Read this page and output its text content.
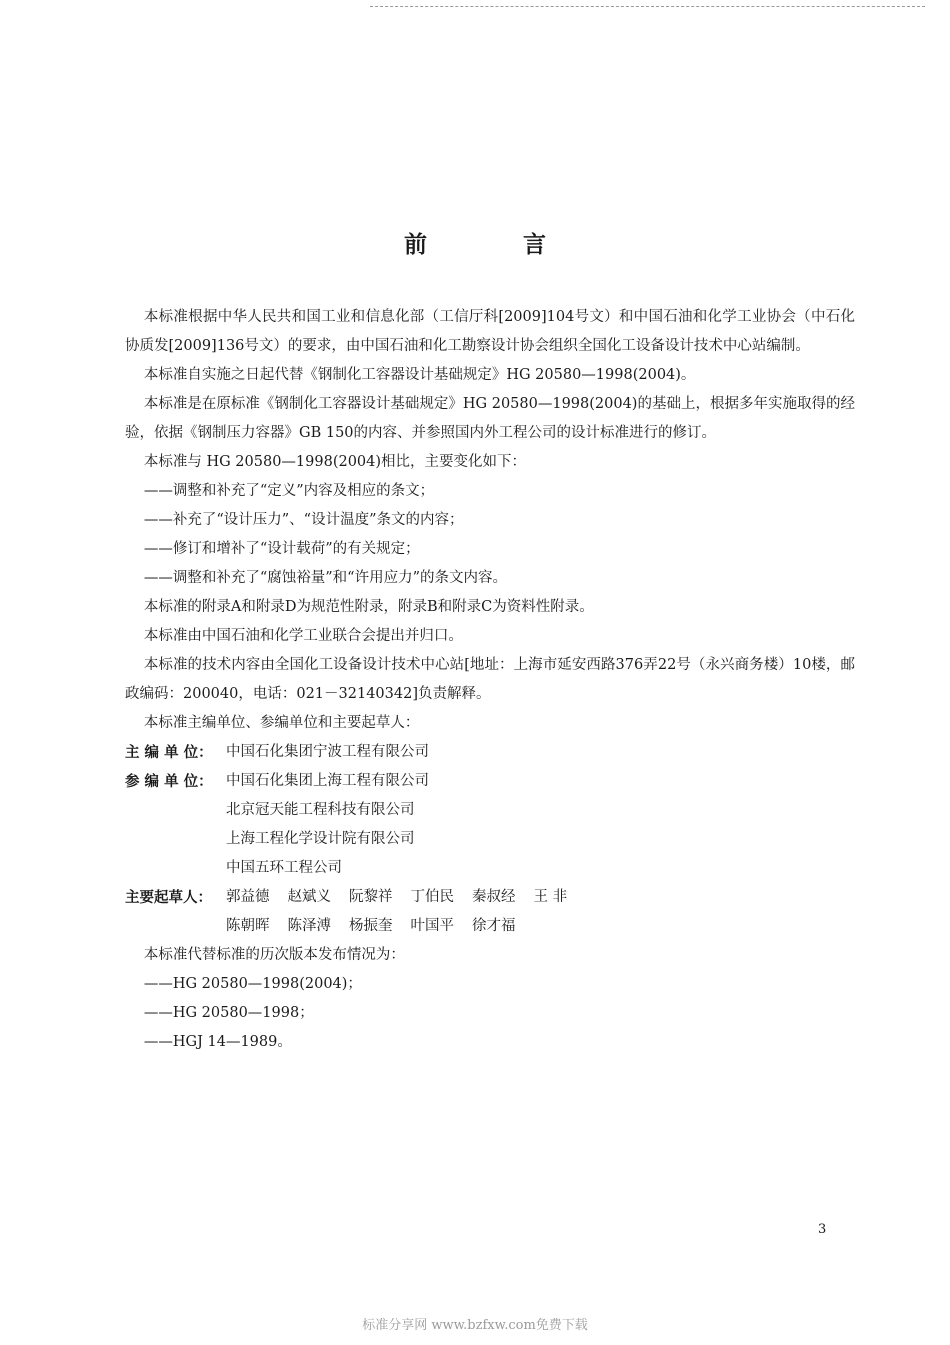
前 言

本标准根据中华人民共和国工业和信息化部（工信厅科[2009]104号文）和中国石油和化学工业协会（中石化协质发[2009]136号文）的要求，由中国石油和化工勘察设计协会组织全国化工设备设计技术中心站编制。

本标准自实施之日起代替《钢制化工容器设计基础规定》HG 20580—1998(2004)。

本标准是在原标准《钢制化工容器设计基础规定》HG 20580—1998(2004)的基础上，根据多年实施取得的经验，依据《钢制压力容器》GB 150的内容、并参照国内外工程公司的设计标准进行的修订。

本标准与 HG 20580—1998(2004)相比，主要变化如下：

——调整和补充了“定义”内容及相应的条文；

——补充了“设计压力”、“设计温度”条文的内容；

——修订和增补了“设计载荷”的有关规定；

——调整和补充了“腐蚀裕量”和“许用应力”的条文内容。

本标准的附录A和附录D为规范性附录，附录B和附录C为资料性附录。

本标准由中国石油和化学工业联合会提出并归口。

本标准的技术内容由全国化工设备设计技术中心站[地址：上海市延安西路376弄22号（永兴商务楼）10楼，邮政编码：200040，电话：021－32140342]负责解释。

本标准主编单位、参编单位和主要起草人：

主 编 单 位： 中国石化集团宁波工程有限公司
参 编 单 位： 中国石化集团上海工程有限公司
北京冠天能工程科技有限公司
上海工程化学设计院有限公司
中国五环工程公司
主要起草人： 郭益德 赵斌义 阮黎祥 丁伯民 秦叔经 王 非
陈朝晖 陈泽溥 杨振奎 叶国平 徐才福

本标准代替标准的历次版本发布情况为：

——HG 20580—1998(2004)；

——HG 20580—1998；

——HGJ 14—1989。

3
标准分享网 www.bzfxw.com免费下载
